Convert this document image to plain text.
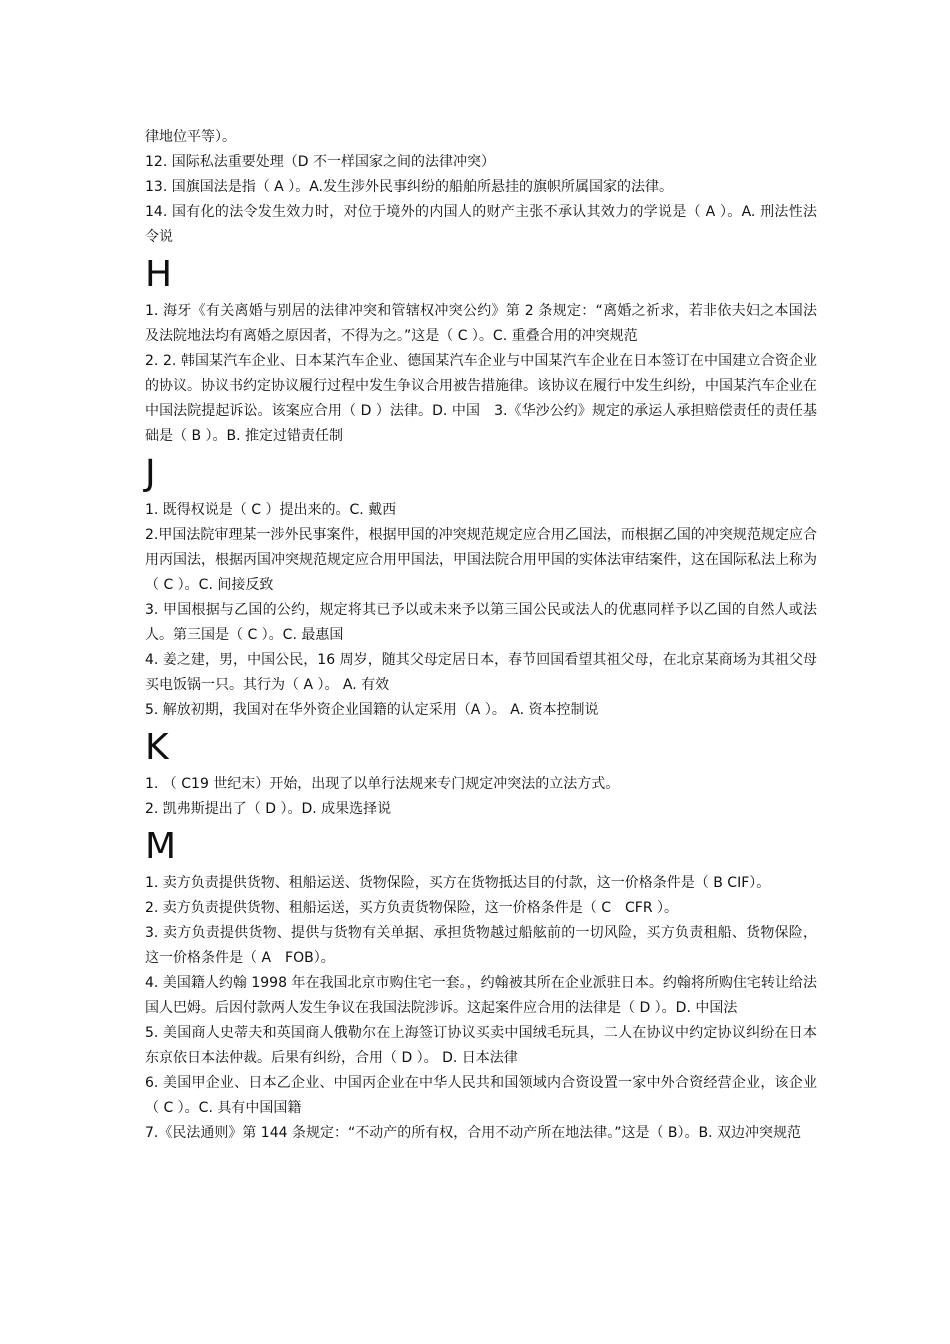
律地位平等）。

12. 国际私法重要处理（D 不一样国家之间的法律冲突）

13. 国旗国法是指（ A ）。A.发生涉外民事纠纷的船舶所悬挂的旗帜所属国家的法律。

14. 国有化的法令发生效力时，对位于境外的内国人的财产主张不承认其效力的学说是（ A ）。A. 刑法性法令说

H

1. 海牙《有关离婚与别居的法律冲突和管辖权冲突公约》第 2 条规定：“离婚之祈求，若非依夫妇之本国法及法院地法均有离婚之原因者，不得为之。”这是（ C ）。C. 重叠合用的冲突规范

2. 2. 韩国某汽车企业、日本某汽车企业、德国某汽车企业与中国某汽车企业在日本签订在中国建立合资企业的协议。协议书约定协议履行过程中发生争议合用被告措施律。该协议在履行中发生纠纷，中国某汽车企业在中国法院提起诉讼。该案应合用（ D ）法律。D. 中国　3.《华沙公约》规定的承运人承担赔偿责任的责任基础是（ B ）。B. 推定过错责任制

J

1. 既得权说是（ C ）提出来的。C. 戴西

2.甲国法院审理某一涉外民事案件，根据甲国的冲突规范规定应合用乙国法，而根据乙国的冲突规范规定应合用丙国法，根据丙国冲突规范规定应合用甲国法，甲国法院合用甲国的实体法审结案件，这在国际私法上称为（ C ）。C. 间接反致

3. 甲国根据与乙国的公约，规定将其已予以或未来予以第三国公民或法人的优惠同样予以乙国的自然人或法人。第三国是（ C ）。C. 最惠国

4. 姜之建，男，中国公民，16 周岁，随其父母定居日本，春节回国看望其祖父母，在北京某商场为其祖父母买电饭锅一只。其行为（ A ）。 A. 有效

5. 解放初期，我国对在华外资企业国籍的认定采用（A ）。 A. 资本控制说

K

1. （ C19 世纪末）开始，出现了以单行法规来专门规定冲突法的立法方式。

2. 凯弗斯提出了（ D ）。D. 成果选择说

M

1. 卖方负责提供货物、租船运送、货物保险，买方在货物抵达目的付款，这一价格条件是（ B CIF）。

2. 卖方负责提供货物、租船运送，买方负责货物保险，这一价格条件是（ C　CFR ）。

3. 卖方负责提供货物、提供与货物有关单据、承担货物越过船舷前的一切风险，买方负责租船、货物保险，这一价格条件是（ A　FOB）。

4. 美国籍人约翰 1998 年在我国北京市购住宅一套。，约翰被其所在企业派驻日本。约翰将所购住宅转让给法国人巴姆。后因付款两人发生争议在我国法院涉诉。这起案件应合用的法律是（ D ）。D. 中国法

5. 美国商人史蒂夫和英国商人俄勒尔在上海签订协议买卖中国绒毛玩具，二人在协议中约定协议纠纷在日本东京依日本法仲裁。后果有纠纷，合用（ D ）。 D. 日本法律

6. 美国甲企业、日本乙企业、中国丙企业在中华人民共和国领域内合资设置一家中外合资经营企业，该企业（ C ）。C. 具有中国国籍

7.《民法通则》第 144 条规定：“不动产的所有权，合用不动产所在地法律。”这是（ B）。B. 双边冲突规范
